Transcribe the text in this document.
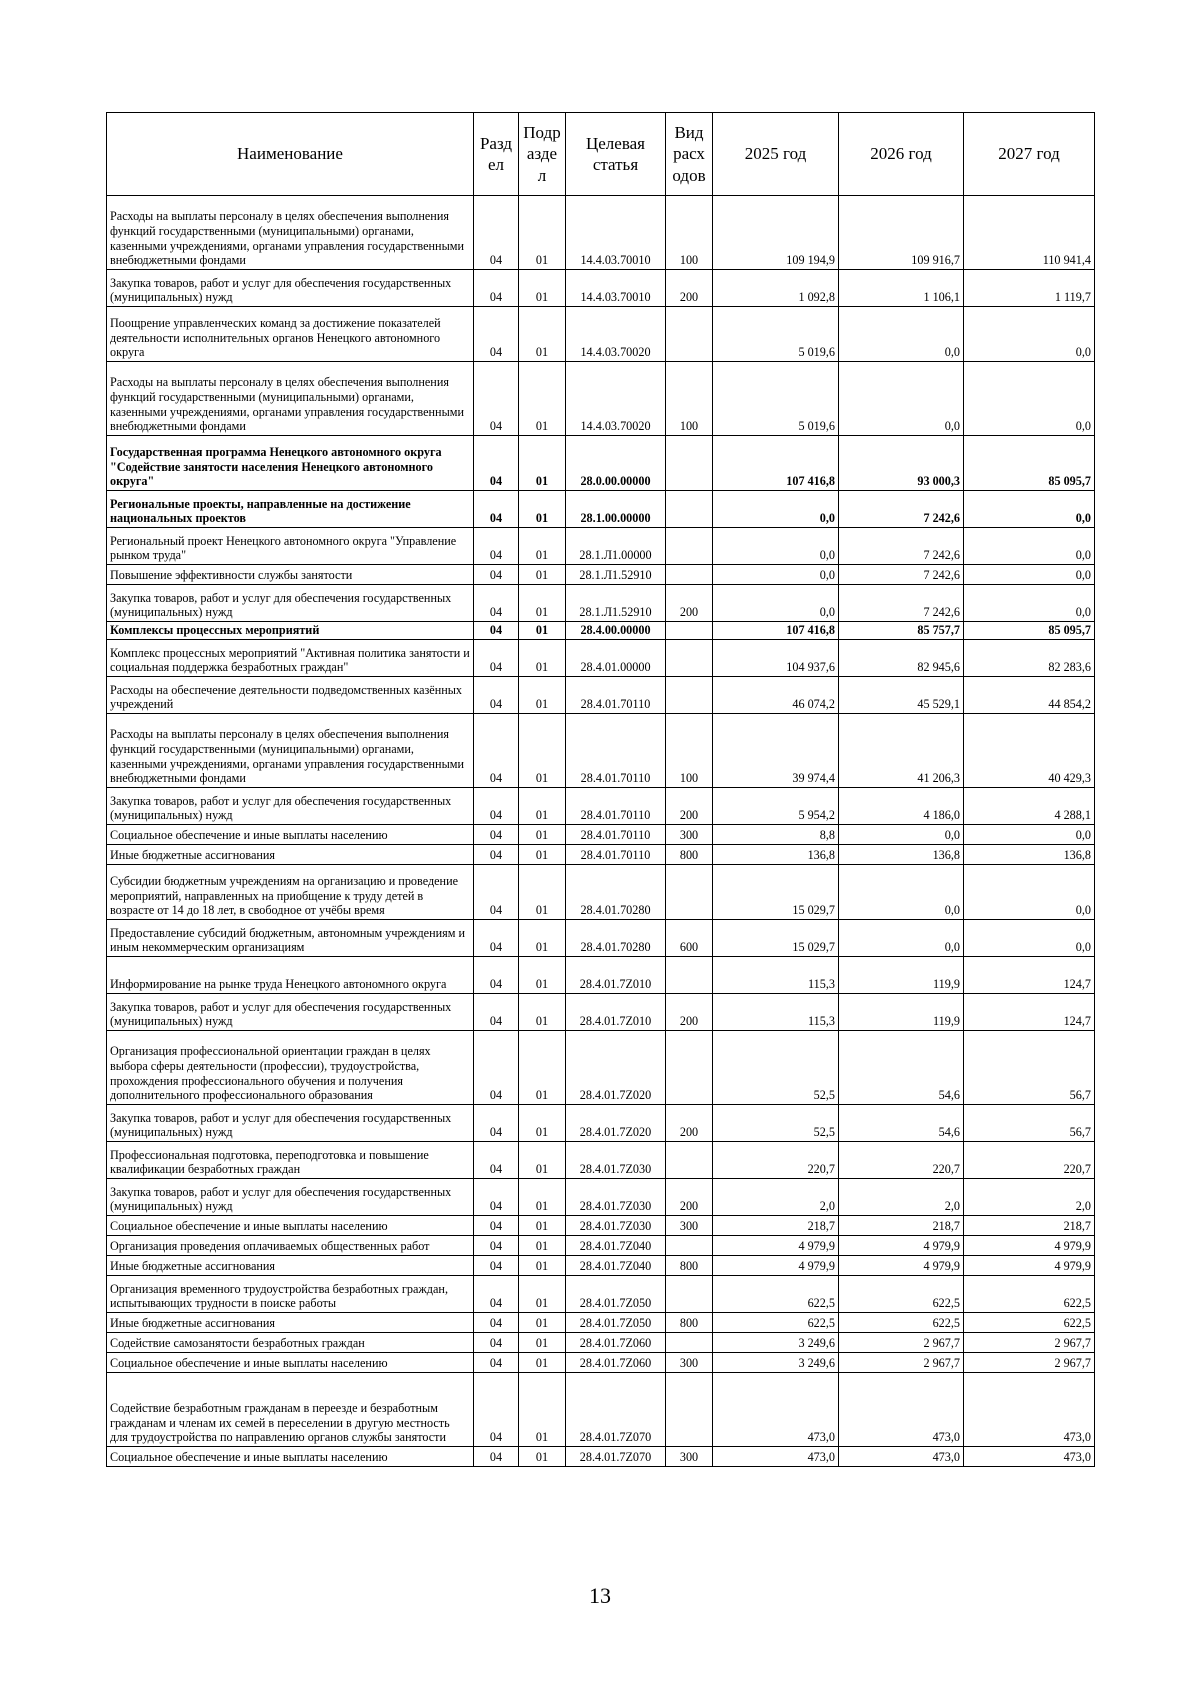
Наименование	Разд ел	Подр азде л	Целевая статья	Вид расх одов	2025 год	2026 год	2027 год
Расходы на выплаты персоналу в целях обеспечения выполнения функций государственными (муниципальными) органами, казенными учреждениями, органами управления государственными внебюджетными фондами	04	01	14.4.03.70010	100	109 194,9	109 916,7	110 941,4
Закупка товаров, работ и услуг для обеспечения государственных (муниципальных) нужд	04	01	14.4.03.70010	200	1 092,8	1 106,1	1 119,7
Поощрение управленческих команд за достижение показателей деятельности исполнительных органов Ненецкого автономного округа	04	01	14.4.03.70020		5 019,6	0,0	0,0
Расходы на выплаты персоналу в целях обеспечения выполнения функций государственными (муниципальными) органами, казенными учреждениями, органами управления государственными внебюджетными фондами	04	01	14.4.03.70020	100	5 019,6	0,0	0,0
Государственная программа Ненецкого автономного округа "Содействие занятости населения Ненецкого автономного округа"	04	01	28.0.00.00000		107 416,8	93 000,3	85 095,7
Региональные проекты, направленные на достижение национальных проектов	04	01	28.1.00.00000		0,0	7 242,6	0,0
Региональный проект Ненецкого автономного округа "Управление рынком труда"	04	01	28.1.Л1.00000		0,0	7 242,6	0,0
Повышение эффективности службы занятости	04	01	28.1.Л1.52910		0,0	7 242,6	0,0
Закупка товаров, работ и услуг для обеспечения государственных (муниципальных) нужд	04	01	28.1.Л1.52910	200	0,0	7 242,6	0,0
Комплексы процессных мероприятий	04	01	28.4.00.00000		107 416,8	85 757,7	85 095,7
Комплекс процессных мероприятий "Активная политика занятости и социальная поддержка безработных граждан"	04	01	28.4.01.00000		104 937,6	82 945,6	82 283,6
Расходы на обеспечение деятельности подведомственных казённых учреждений	04	01	28.4.01.70110		46 074,2	45 529,1	44 854,2
Расходы на выплаты персоналу в целях обеспечения выполнения функций государственными (муниципальными) органами, казенными учреждениями, органами управления государственными внебюджетными фондами	04	01	28.4.01.70110	100	39 974,4	41 206,3	40 429,3
Закупка товаров, работ и услуг для обеспечения государственных (муниципальных) нужд	04	01	28.4.01.70110	200	5 954,2	4 186,0	4 288,1
Социальное обеспечение и иные выплаты населению	04	01	28.4.01.70110	300	8,8	0,0	0,0
Иные бюджетные ассигнования	04	01	28.4.01.70110	800	136,8	136,8	136,8
Субсидии бюджетным учреждениям на организацию и проведение мероприятий, направленных на приобщение к труду детей в возрасте от 14 до 18 лет, в свободное от учёбы время	04	01	28.4.01.70280		15 029,7	0,0	0,0
Предоставление субсидий бюджетным, автономным учреждениям и иным некоммерческим организациям	04	01	28.4.01.70280	600	15 029,7	0,0	0,0
Информирование на рынке труда Ненецкого автономного округа	04	01	28.4.01.7Z010		115,3	119,9	124,7
Закупка товаров, работ и услуг для обеспечения государственных (муниципальных) нужд	04	01	28.4.01.7Z010	200	115,3	119,9	124,7
Организация профессиональной ориентации граждан в целях выбора сферы деятельности (профессии), трудоустройства, прохождения профессионального обучения и получения дополнительного профессионального образования	04	01	28.4.01.7Z020		52,5	54,6	56,7
Закупка товаров, работ и услуг для обеспечения государственных (муниципальных) нужд	04	01	28.4.01.7Z020	200	52,5	54,6	56,7
Профессиональная подготовка, переподготовка и повышение квалификации безработных граждан	04	01	28.4.01.7Z030		220,7	220,7	220,7
Закупка товаров, работ и услуг для обеспечения государственных (муниципальных) нужд	04	01	28.4.01.7Z030	200	2,0	2,0	2,0
Социальное обеспечение и иные выплаты населению	04	01	28.4.01.7Z030	300	218,7	218,7	218,7
Организация проведения оплачиваемых общественных работ	04	01	28.4.01.7Z040		4 979,9	4 979,9	4 979,9
Иные бюджетные ассигнования	04	01	28.4.01.7Z040	800	4 979,9	4 979,9	4 979,9
Организация временного трудоустройства безработных граждан, испытывающих трудности в поиске работы	04	01	28.4.01.7Z050		622,5	622,5	622,5
Иные бюджетные ассигнования	04	01	28.4.01.7Z050	800	622,5	622,5	622,5
Содействие самозанятости безработных граждан	04	01	28.4.01.7Z060		3 249,6	2 967,7	2 967,7
Социальное обеспечение и иные выплаты населению	04	01	28.4.01.7Z060	300	3 249,6	2 967,7	2 967,7
Содействие безработным гражданам в переезде и безработным гражданам и членам их семей в переселении в другую местность для трудоустройства по направлению органов службы занятости	04	01	28.4.01.7Z070		473,0	473,0	473,0
Социальное обеспечение и иные выплаты населению	04	01	28.4.01.7Z070	300	473,0	473,0	473,0
13
